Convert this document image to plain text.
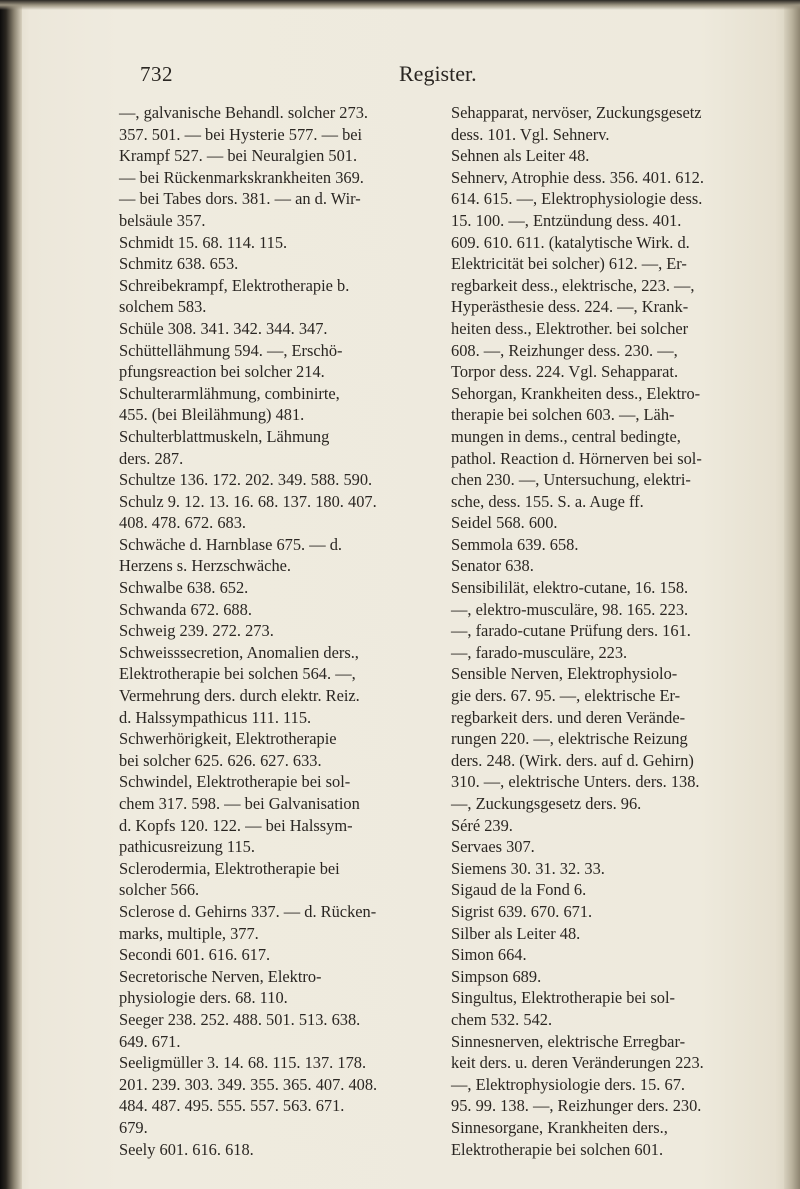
732	Register.
—, galvanische Behandl. solcher 273.
357. 501. — bei Hysterie 577. — bei
Krampf 527. — bei Neuralgien 501.
— bei Rückenmarkskrankheiten 369.
— bei Tabes dors. 381. — an d. Wir-
belsäule 357.
Schmidt 15. 68. 114. 115.
Schmitz 638. 653.
Schreibekrampf, Elektrotherapie b.
solchem 583.
Schüle 308. 341. 342. 344. 347.
Schüttellähmung 594. —, Erschö-
pfungsreaction bei solcher 214.
Schulterarmlähmung, combinirte,
455. (bei Bleilähmung) 481.
Schulterblattmuskeln, Lähmung
ders. 287.
Schultze 136. 172. 202. 349. 588. 590.
Schulz 9. 12. 13. 16. 68. 137. 180. 407.
408. 478. 672. 683.
Schwäche d. Harnblase 675. — d.
Herzens s. Herzschwäche.
Schwalbe 638. 652.
Schwanda 672. 688.
Schweig 239. 272. 273.
Schweisssecretion, Anomalien ders.,
Elektrotherapie bei solchen 564. —,
Vermehrung ders. durch elektr. Reiz.
d. Halssympathicus 111. 115.
Schwerhörigkeit, Elektrotherapie
bei solcher 625. 626. 627. 633.
Schwindel, Elektrotherapie bei sol-
chem 317. 598. — bei Galvanisation
d. Kopfs 120. 122. — bei Halssym-
pathicusreizung 115.
Sclerodermia, Elektrotherapie bei
solcher 566.
Sclerose d. Gehirns 337. — d. Rücken-
marks, multiple, 377.
Secondi 601. 616. 617.
Secretorische Nerven, Elektro-
physiologie ders. 68. 110.
Seeger 238. 252. 488. 501. 513. 638.
649. 671.
Seeligmüller 3. 14. 68. 115. 137. 178.
201. 239. 303. 349. 355. 365. 407. 408.
484. 487. 495. 555. 557. 563. 671.
679.
Seely 601. 616. 618.
Sehapparat, nervöser, Zuckungsgesetz
dess. 101. Vgl. Sehnerv.
Sehnen als Leiter 48.
Sehnerv, Atrophie dess. 356. 401. 612.
614. 615. —, Elektrophysiologie dess.
15. 100. —, Entzündung dess. 401.
609. 610. 611. (katalytische Wirk. d.
Elektricität bei solcher) 612. —, Er-
regbarkeit dess., elektrische, 223. —,
Hyperästhesie dess. 224. —, Krank-
heiten dess., Elektrother. bei solcher
608. —, Reizhunger dess. 230. —,
Torpor dess. 224. Vgl. Sehapparat.
Sehorgan, Krankheiten dess., Elektro-
therapie bei solchen 603. —, Läh-
mungen in dems., central bedingte,
pathol. Reaction d. Hörnerven bei sol-
chen 230. —, Untersuchung, elektri-
sche, dess. 155. S. a. Auge ff.
Seidel 568. 600.
Semmola 639. 658.
Senator 638.
Sensibililät, elektro-cutane, 16. 158.
—, elektro-musculäre, 98. 165. 223.
—, farado-cutane Prüfung ders. 161.
—, farado-musculäre, 223.
Sensible Nerven, Elektrophysiolo-
gie ders. 67. 95. —, elektrische Er-
regbarkeit ders. und deren Verände-
rungen 220. —, elektrische Reizung
ders. 248. (Wirk. ders. auf d. Gehirn)
310. —, elektrische Unters. ders. 138.
—, Zuckungsgesetz ders. 96.
Séré 239.
Servaes 307.
Siemens 30. 31. 32. 33.
Sigaud de la Fond 6.
Sigrist 639. 670. 671.
Silber als Leiter 48.
Simon 664.
Simpson 689.
Singultus, Elektrotherapie bei sol-
chem 532. 542.
Sinnesnerven, elektrische Erregbar-
keit ders. u. deren Veränderungen 223.
—, Elektrophysiologie ders. 15. 67.
95. 99. 138. —, Reizhunger ders. 230.
Sinnesorgane, Krankheiten ders.,
Elektrotherapie bei solchen 601.
